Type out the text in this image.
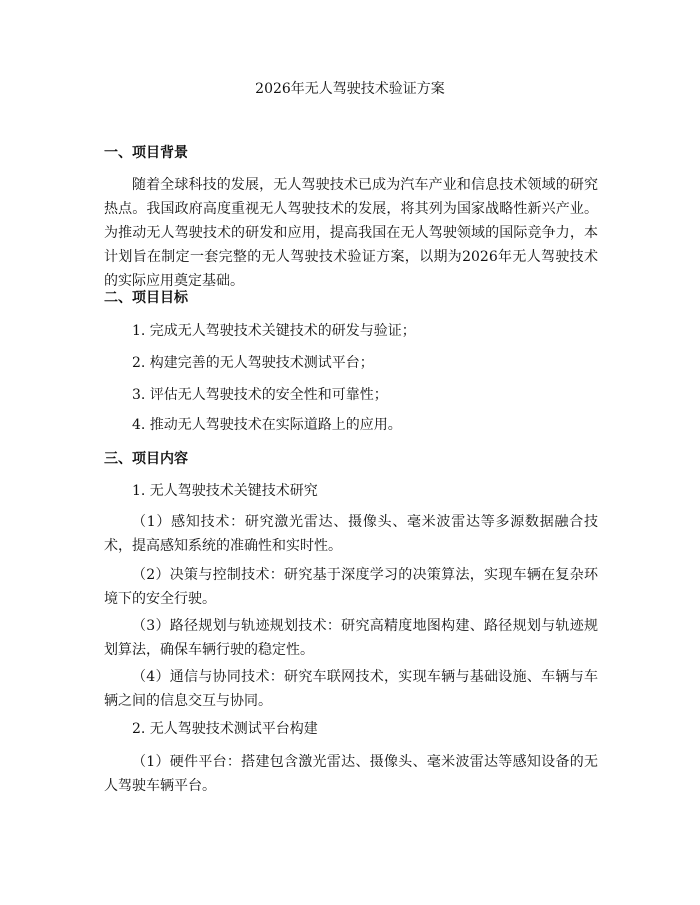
2026年无人驾驶技术验证方案
一、项目背景
随着全球科技的发展，无人驾驶技术已成为汽车产业和信息技术领域的研究热点。我国政府高度重视无人驾驶技术的发展，将其列为国家战略性新兴产业。为推动无人驾驶技术的研发和应用，提高我国在无人驾驶领域的国际竞争力，本计划旨在制定一套完整的无人驾驶技术验证方案，以期为2026年无人驾驶技术的实际应用奠定基础。
二、项目目标
1. 完成无人驾驶技术关键技术的研发与验证；
2. 构建完善的无人驾驶技术测试平台；
3. 评估无人驾驶技术的安全性和可靠性；
4. 推动无人驾驶技术在实际道路上的应用。
三、项目内容
1. 无人驾驶技术关键技术研究
（1）感知技术：研究激光雷达、摄像头、毫米波雷达等多源数据融合技术，提高感知系统的准确性和实时性。
（2）决策与控制技术：研究基于深度学习的决策算法，实现车辆在复杂环境下的安全行驶。
（3）路径规划与轨迹规划技术：研究高精度地图构建、路径规划与轨迹规划算法，确保车辆行驶的稳定性。
（4）通信与协同技术：研究车联网技术，实现车辆与基础设施、车辆与车辆之间的信息交互与协同。
2. 无人驾驶技术测试平台构建
（1）硬件平台：搭建包含激光雷达、摄像头、毫米波雷达等感知设备的无人驾驶车辆平台。
